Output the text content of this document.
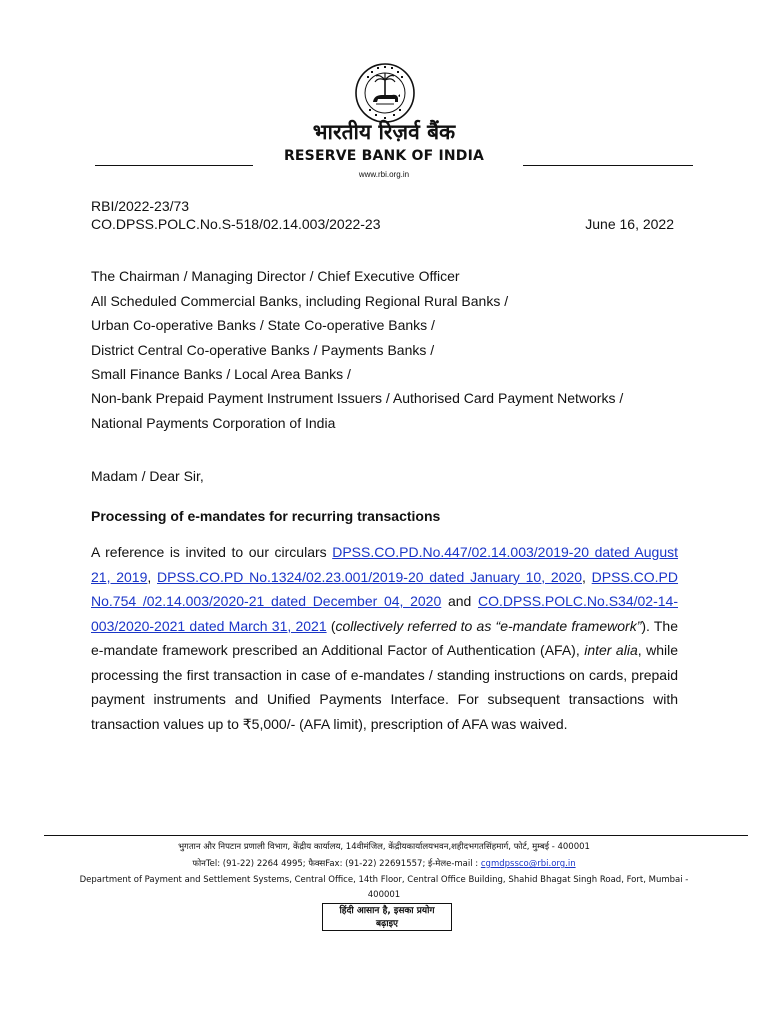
भारतीय रिज़र्व बैंक
RESERVE BANK OF INDIA
www.rbi.org.in
RBI/2022-23/73
CO.DPSS.POLC.No.S-518/02.14.003/2022-23	June 16, 2022
The Chairman / Managing Director / Chief Executive Officer
All Scheduled Commercial Banks, including Regional Rural Banks /
Urban Co-operative Banks / State Co-operative Banks /
District Central Co-operative Banks / Payments Banks /
Small Finance Banks / Local Area Banks /
Non-bank Prepaid Payment Instrument Issuers / Authorised Card Payment Networks /
National Payments Corporation of India
Madam / Dear Sir,
Processing of e-mandates for recurring transactions
A reference is invited to our circulars DPSS.CO.PD.No.447/02.14.003/2019-20 dated August 21, 2019, DPSS.CO.PD No.1324/02.23.001/2019-20 dated January 10, 2020, DPSS.CO.PD No.754 /02.14.003/2020-21 dated December 04, 2020 and CO.DPSS.POLC.No.S34/02-14-003/2020-2021 dated March 31, 2021 (collectively referred to as “e-mandate framework”). The e-mandate framework prescribed an Additional Factor of Authentication (AFA), inter alia, while processing the first transaction in case of e-mandates / standing instructions on cards, prepaid payment instruments and Unified Payments Interface. For subsequent transactions with transaction values up to ₹5,000/- (AFA limit), prescription of AFA was waived.
भुगतान और निपटान प्रणाली विभाग, केंद्रीय कार्यालय, 14वीमंजिल, केंद्रीयकार्यालयभवन,शहीदभगतसिंहमार्ग, फोर्ट, मुम्बई - 400001
फोनTel: (91-22) 2264 4995; फैक्सFax: (91-22) 22691557; ई-मेलe-mail : cgmdpssco@rbi.org.in
Department of Payment and Settlement Systems, Central Office, 14th Floor, Central Office Building, Shahid Bhagat Singh Road, Fort, Mumbai -
400001
हिंदी आसान है, इसका प्रयोग
बढ़ाइए
